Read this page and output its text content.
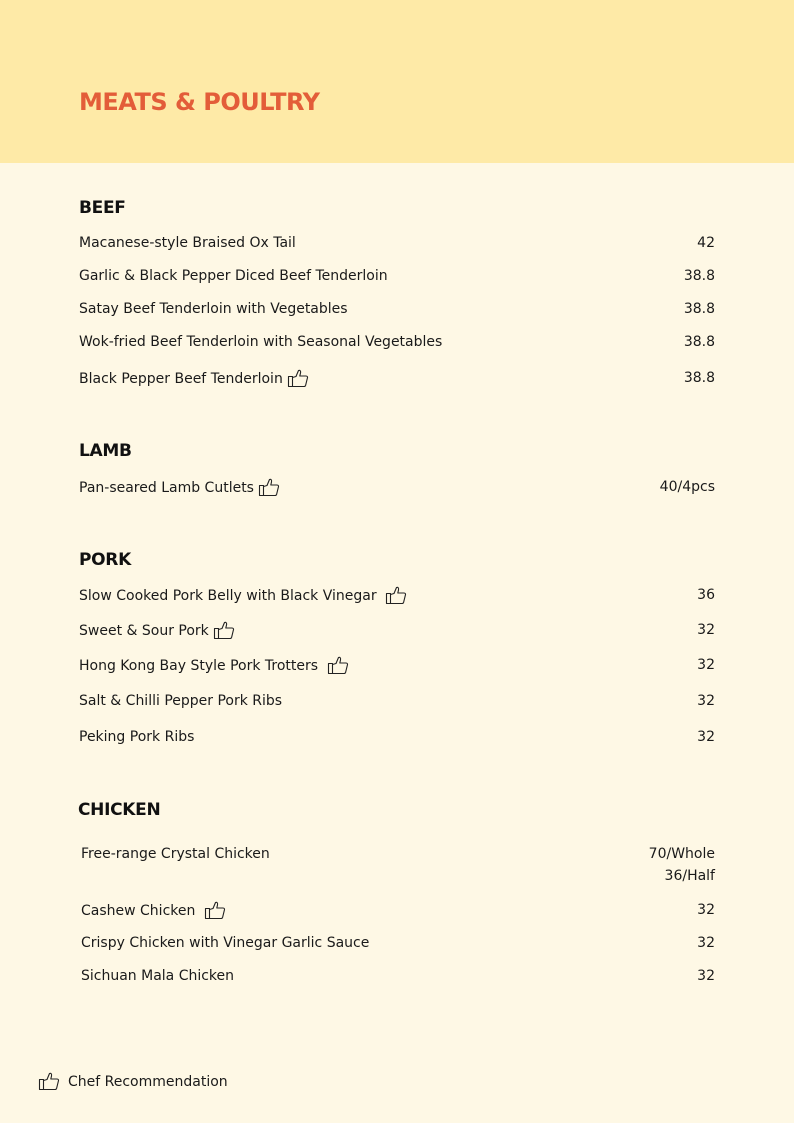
MEATS & POULTRY
BEEF
Macanese-style Braised Ox Tail	42
Garlic & Black Pepper Diced Beef Tenderloin	38.8
Satay Beef Tenderloin with Vegetables	38.8
Wok-fried Beef Tenderloin with Seasonal Vegetables	38.8
Black Pepper Beef Tenderloin	38.8
LAMB
Pan-seared Lamb Cutlets	40/4pcs
PORK
Slow Cooked Pork Belly with Black Vinegar	36
Sweet & Sour Pork	32
Hong Kong Bay Style Pork Trotters	32
Salt & Chilli Pepper Pork Ribs	32
Peking Pork Ribs	32
CHICKEN
Free-range Crystal Chicken	70/Whole
36/Half
Cashew Chicken	32
Crispy Chicken with Vinegar Garlic Sauce	32
Sichuan Mala Chicken	32
Chef Recommendation
